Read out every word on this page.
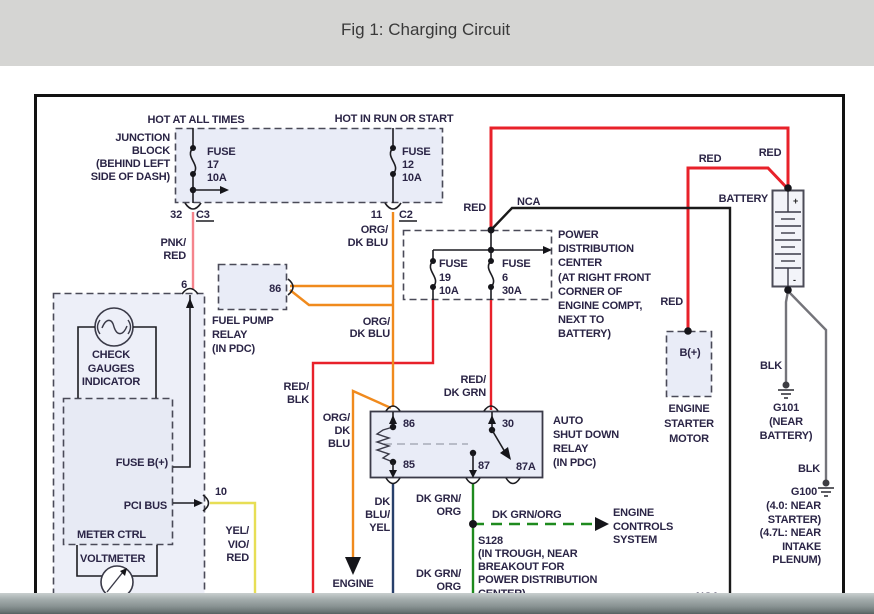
Fig 1: Charging Circuit
HOT AT ALL TIMES	HOT IN RUN OR START
JUNCTION
BLOCK
(BEHIND LEFT
SIDE OF DASH)
FUSE
17
10A
FUSE
12
10A
32 C3	11 C2
PNK/
RED
6
ORG/
DK BLU
RED	NCA
RED	RED
BATTERY	+
-
POWER
DISTRIBUTION
CENTER
(AT RIGHT FRONT
CORNER OF
ENGINE COMPT,
NEXT TO
BATTERY)
FUSE
19
10A
FUSE
6
30A
FUEL PUMP
RELAY
(IN PDC)
86
ORG/
DK BLU
RED/
BLK
CHECK
GAUGES
INDICATOR
FUSE B(+)
PCI BUS
10
YEL/
VIO/
RED
METER CTRL
VOLTMETER
RED/
DK GRN
ORG/
DK
BLU
86	30
85	87 87A
AUTO
SHUT DOWN
RELAY
(IN PDC)
DK
BLU/
YEL
DK GRN/
ORG	DK GRN/ORG	ENGINE
CONTROLS
SYSTEM
S128
(IN TROUGH, NEAR
BREAKOUT FOR
POWER DISTRIBUTION
DK GRN/
ORG
ENGINE
B(+)
ENGINE
STARTER
MOTOR
RED
BLK
G101
(NEAR
BATTERY)
BLK
G100
(4.0: NEAR
STARTER)
(4.7L: NEAR
INTAKE
PLENUM)
